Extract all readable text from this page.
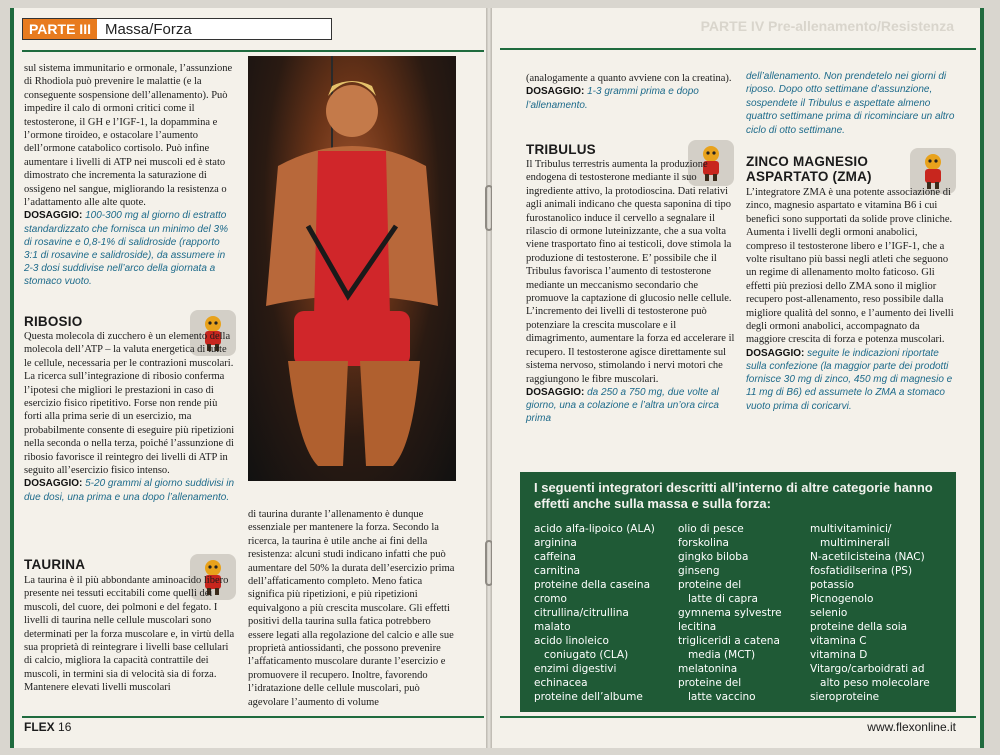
PARTE III Massa/Forza

sul sistema immunitario e ormonale, l’assunzione di Rhodiola può prevenire le malattie (e la conseguente sospensione dell’allenamento). Può impedire il calo di ormoni critici come il testosterone, il GH e l’IGF-1, la dopammina e l’ormone tiroideo, e ostacolare l’aumento dell’ormone catabolico cortisolo. Può infine aumentare i livelli di ATP nei muscoli ed è stato dimostrato che incrementa la saturazione di ossigeno nel sangue, migliorando la resistenza o l’adattamento alle alte quote.

DOSAGGIO: 100-300 mg al giorno di estratto standardizzato che fornisca un minimo del 3% di rosavine e 0,8-1% di salidroside (rapporto 3:1 di rosavine e salidroside), da assumere in 2-3 dosi suddivise nell’arco della giornata a stomaco vuoto.

RIBOSIO

Questa molecola di zucchero è un elemento della molecola dell’ATP – la valuta energetica di tutte le cellule, necessaria per le contrazioni muscolari. La ricerca sull’integrazione di ribosio conferma l’ipotesi che migliori le prestazioni in caso di esercizio fisico ripetitivo. Forse non rende più forti alla prima serie di un esercizio, ma probabilmente consente di eseguire più ripetizioni nella seconda o nella terza, poiché l’assunzione di ribosio favorisce il reintegro dei livelli di ATP in seguito all’esercizio fisico intenso.

DOSAGGIO: 5-20 grammi al giorno suddivisi in due dosi, una prima e una dopo l’allenamento.

TAURINA

La taurina è il più abbondante aminoacido libero presente nei tessuti eccitabili come quelli dei muscoli, del cuore, dei polmoni e del fegato. I livelli di taurina nelle cellule muscolari sono determinati per la forza muscolare e, in virtù della sua proprietà di reintegrare i livelli base cellulari di calcio, migliora la capacità contrattile dei muscoli, in termini sia di velocità sia di forza. Mantenere elevati livelli muscolari

di taurina durante l’allenamento è dunque essenziale per mantenere la forza. Secondo la ricerca, la taurina è utile anche ai fini della resistenza: alcuni studi indicano infatti che può aumentare del 50% la durata dell’esercizio prima dell’affaticamento completo. Meno fatica significa più ripetizioni, e più ripetizioni equivalgono a più crescita muscolare. Gli effetti positivi della taurina sulla fatica potrebbero essere legati alla regolazione del calcio e alle sue proprietà antiossidanti, che possono prevenire l’affaticamento muscolare durante l’esercizio e promuovere il recupero. Inoltre, favorendo l’idratazione delle cellule muscolari, può agevolare l’aumento di volume

FLEX 16
PARTE IV Pre-allenamento/Resistenza

(analogamente a quanto avviene con la creatina).

DOSAGGIO: 1-3 grammi prima e dopo l’allenamento.

TRIBULUS

Il Tribulus terrestris aumenta la produzione endogena di testosterone mediante il suo ingrediente attivo, la protodioscina. Dati relativi agli animali indicano che questa saponina di tipo furostanolico induce il cervello a segnalare il rilascio di ormone luteinizzante, che a sua volta viene trasportato fino ai testicoli, dove stimola la produzione di testosterone. E’ possibile che il Tribulus favorisca l’aumento di testosterone mediante un meccanismo secondario che promuove la captazione di glucosio nelle cellule. L’incremento dei livelli di testosterone può potenziare la crescita muscolare e il dimagrimento, aumentare la forza ed accelerare il recupero. Il testosterone agisce direttamente sul sistema nervoso, stimolando i nervi motori che raggiungono le fibre muscolari.

DOSAGGIO: da 250 a 750 mg, due volte al giorno, una a colazione e l’altra un’ora circa prima

dell’allenamento. Non prendetelo nei giorni di riposo. Dopo otto settimane d’assunzione, sospendete il Tribulus e aspettate almeno quattro settimane prima di ricominciare un altro ciclo di otto settimane.
ZINCO MAGNESIO
ASPARTATO (ZMA)

L’integratore ZMA è una potente associazione di zinco, magnesio aspartato e vitamina B6 i cui benefici sono supportati da solide prove cliniche. Aumenta i livelli degli ormoni anabolici, compreso il testosterone libero e l’IGF-1, che a volte risultano più bassi negli atleti che seguono un regime di allenamento molto faticoso. Gli effetti più preziosi dello ZMA sono il miglior recupero post-allenamento, reso possibile dalla migliore qualità del sonno, e l’aumento dei livelli degli ormoni anabolici, accompagnato da maggiore crescita di forza e potenza muscolari.

DOSAGGIO: seguite le indicazioni riportate sulla confezione (la maggior parte dei prodotti fornisce 30 mg di zinco, 450 mg di magnesio e 11 mg di B6) ed assumete lo ZMA a stomaco vuoto prima di coricarvi.

I seguenti integratori descritti all’interno di altre categorie hanno effetti anche sulla massa e sulla forza:
acido alfa-lipoico (ALA)
arginina
caffeina
carnitina
proteine della caseina
cromo
citrullina/citrullina
malato
acido linoleico
coniugato (CLA)
enzimi digestivi
echinacea
proteine dell’albume
olio di pesce
forskolina
gingko biloba
ginseng
proteine del
latte di capra
gymnema sylvestre
lecitina
trigliceridi a catena
media (MCT)
melatonina
proteine del
latte vaccino
multivitaminici/
multiminerali
N-acetilcisteina (NAC)
fosfatidilserina (PS)
potassio
Picnogenolo
selenio
proteine della soia
vitamina C
vitamina D
Vitargo/carboidrati ad
alto peso molecolare
sieroproteine
www.flexonline.it
